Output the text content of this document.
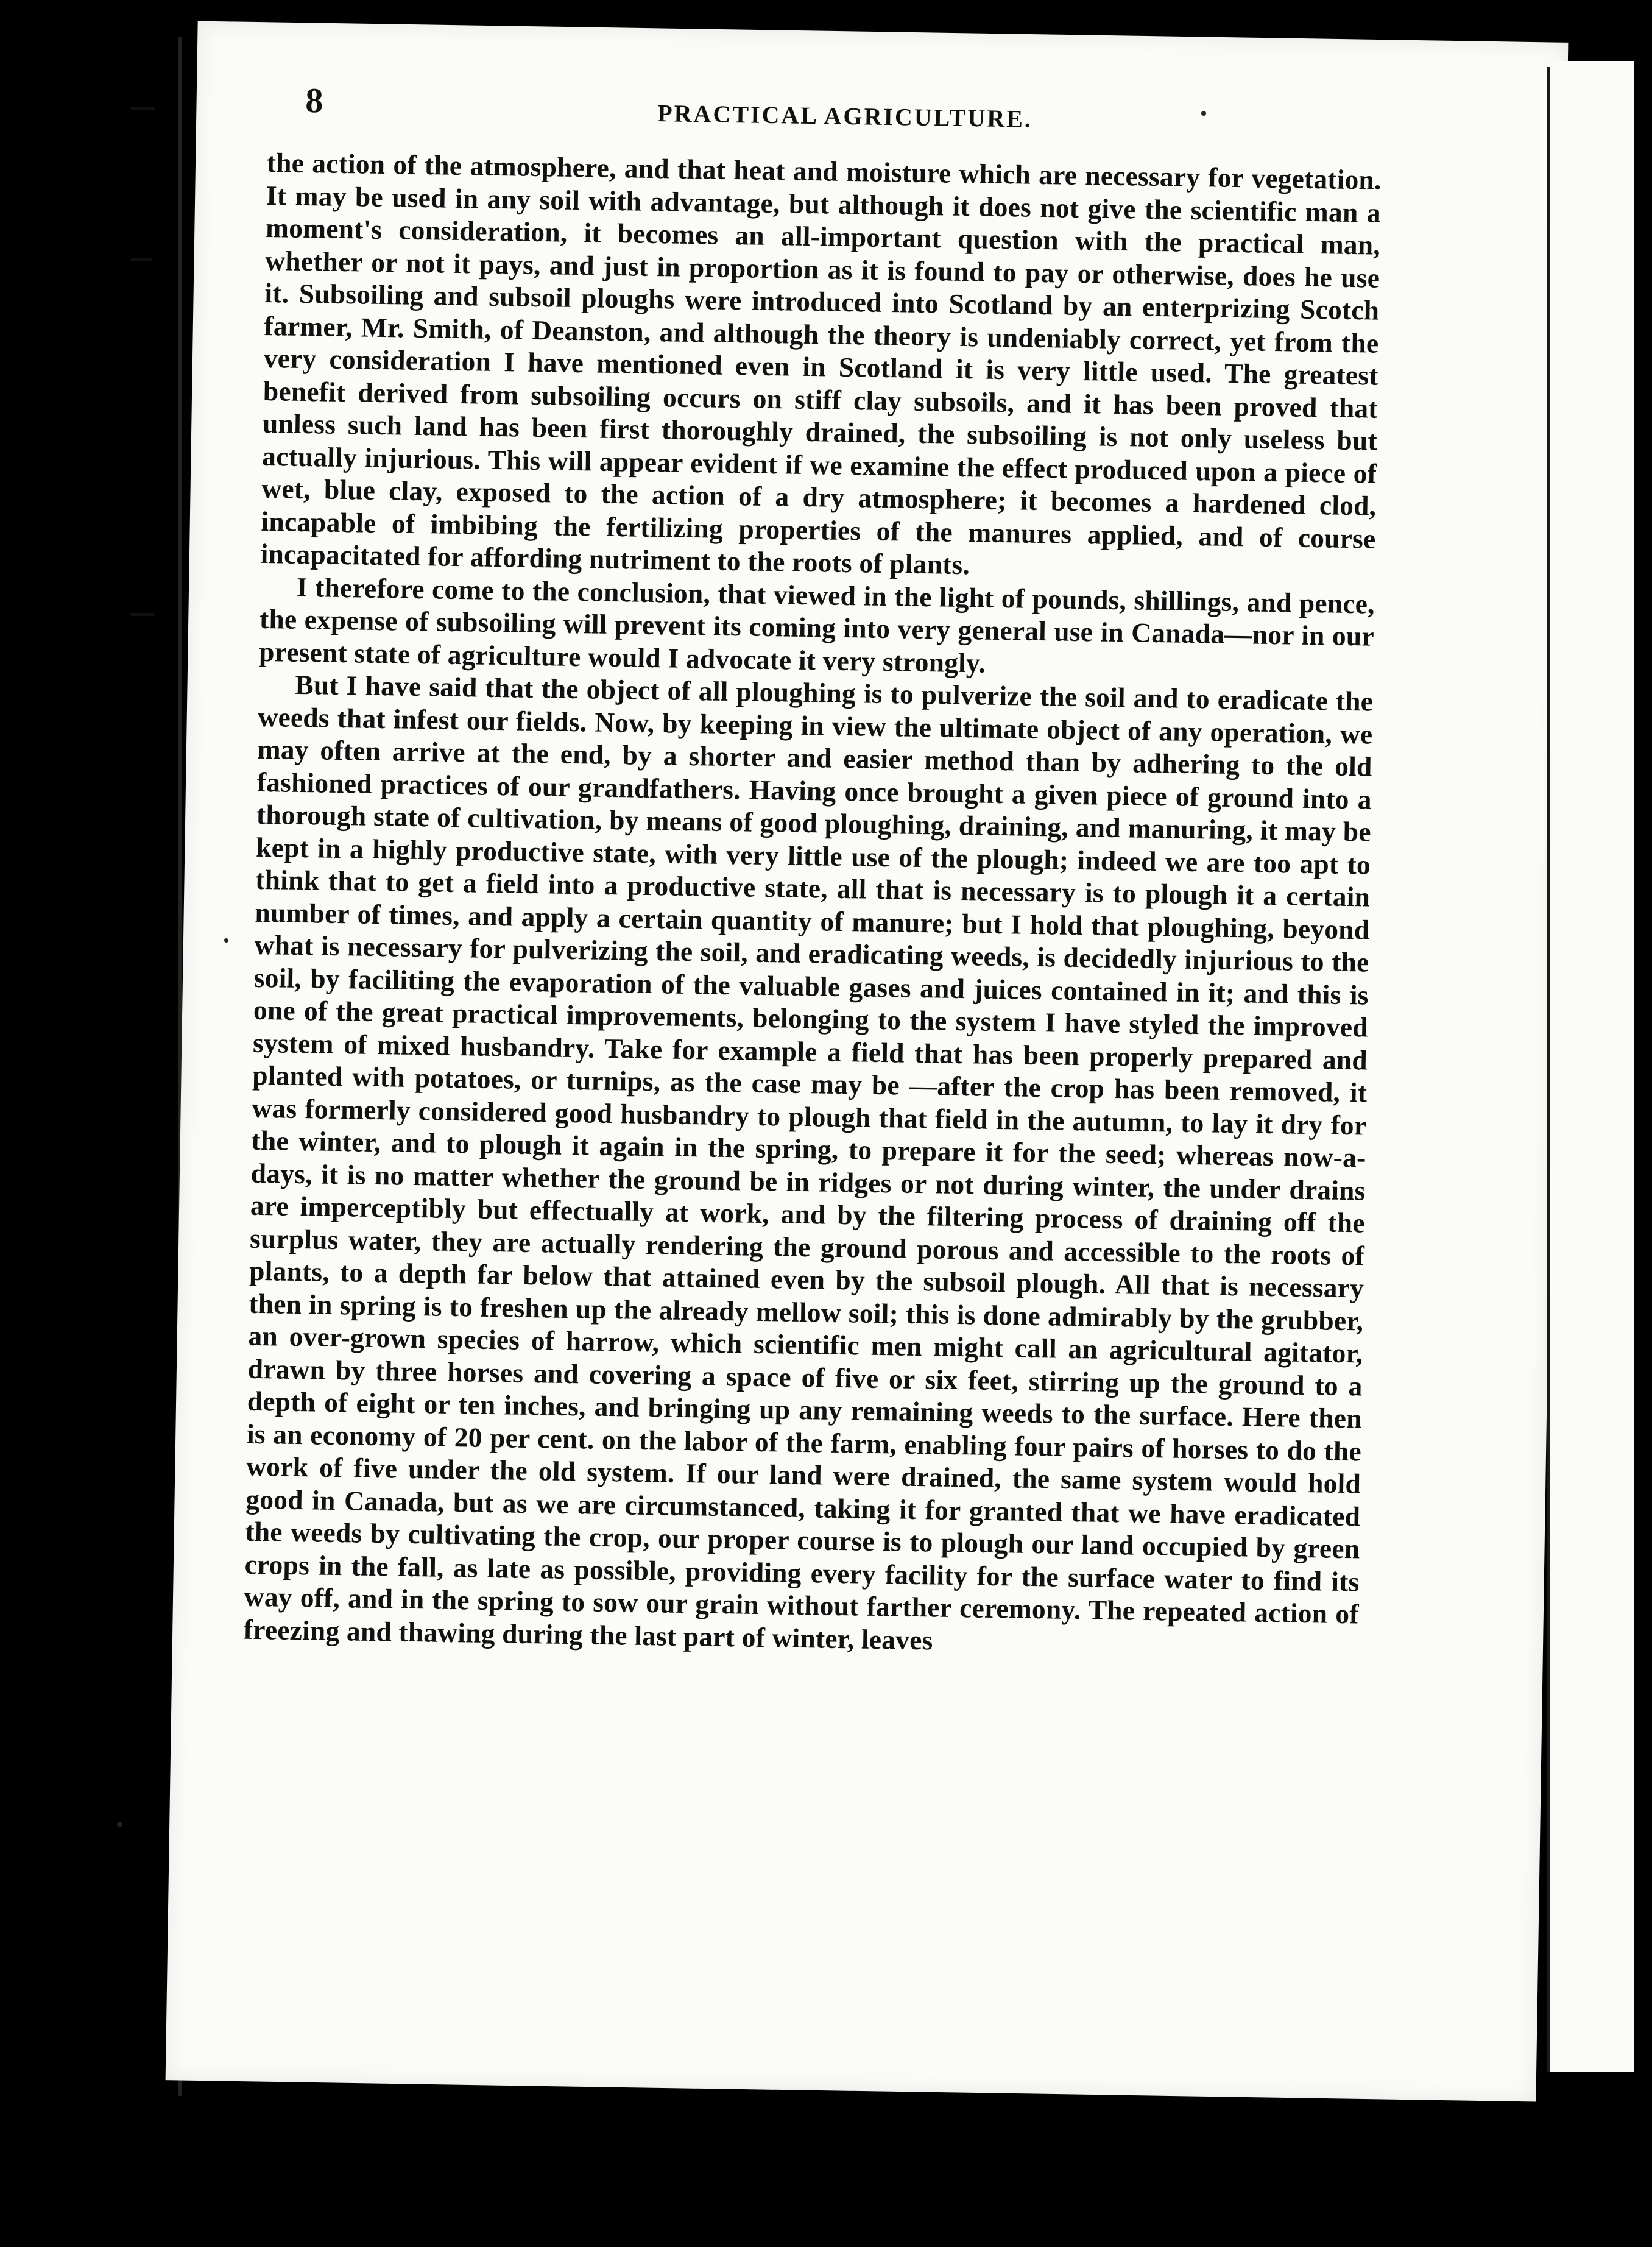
8	PRACTICAL AGRICULTURE.

the action of the atmosphere, and that heat and moisture which are necessary for vegetation. It may be used in any soil with advantage, but although it does not give the scientific man a moment's consideration, it becomes an all-important question with the practical man, whether or not it pays, and just in proportion as it is found to pay or otherwise, does he use it. Subsoiling and subsoil ploughs were introduced into Scotland by an enterprizing Scotch farmer, Mr. Smith, of Deanston, and although the theory is undeniably correct, yet from the very consideration I have mentioned even in Scotland it is very little used. The greatest benefit derived from subsoiling occurs on stiff clay subsoils, and it has been proved that unless such land has been first thoroughly drained, the subsoiling is not only useless but actually injurious. This will appear evident if we examine the effect produced upon a piece of wet, blue clay, exposed to the action of a dry atmosphere; it becomes a hardened clod, incapable of imbibing the fertilizing properties of the manures applied, and of course incapacitated for affording nutriment to the roots of plants.

I therefore come to the conclusion, that viewed in the light of pounds, shillings, and pence, the expense of subsoiling will prevent its coming into very general use in Canada—nor in our present state of agriculture would I advocate it very strongly.

But I have said that the object of all ploughing is to pulverize the soil and to eradicate the weeds that infest our fields. Now, by keeping in view the ultimate object of any operation, we may often arrive at the end, by a shorter and easier method than by adhering to the old fashioned practices of our grandfathers. Having once brought a given piece of ground into a thorough state of cultivation, by means of good ploughing, draining, and manuring, it may be kept in a highly productive state, with very little use of the plough; indeed we are too apt to think that to get a field into a productive state, all that is necessary is to plough it a certain number of times, and apply a certain quantity of manure; but I hold that ploughing, beyond what is necessary for pulverizing the soil, and eradicating weeds, is decidedly injurious to the soil, by faciliting the evaporation of the valuable gases and juices contained in it; and this is one of the great practical improvements, belonging to the system I have styled the improved system of mixed husbandry. Take for example a field that has been properly prepared and planted with potatoes, or turnips, as the case may be —after the crop has been removed, it was formerly considered good husbandry to plough that field in the autumn, to lay it dry for the winter, and to plough it again in the spring, to prepare it for the seed; whereas now-a-days, it is no matter whether the ground be in ridges or not during winter, the under drains are imperceptibly but effectually at work, and by the filtering process of draining off the surplus water, they are actually rendering the ground porous and accessible to the roots of plants, to a depth far below that attained even by the subsoil plough. All that is necessary then in spring is to freshen up the already mellow soil; this is done admirably by the grubber, an over-grown species of harrow, which scientific men might call an agricultural agitator, drawn by three horses and covering a space of five or six feet, stirring up the ground to a depth of eight or ten inches, and bringing up any remaining weeds to the surface. Here then is an economy of 20 per cent. on the labor of the farm, enabling four pairs of horses to do the work of five under the old system. If our land were drained, the same system would hold good in Canada, but as we are circumstanced, taking it for granted that we have eradicated the weeds by cultivating the crop, our proper course is to plough our land occupied by green crops in the fall, as late as possible, providing every facility for the surface water to find its way off, and in the spring to sow our grain without farther ceremony. The repeated action of freezing and thawing during the last part of winter, leaves
